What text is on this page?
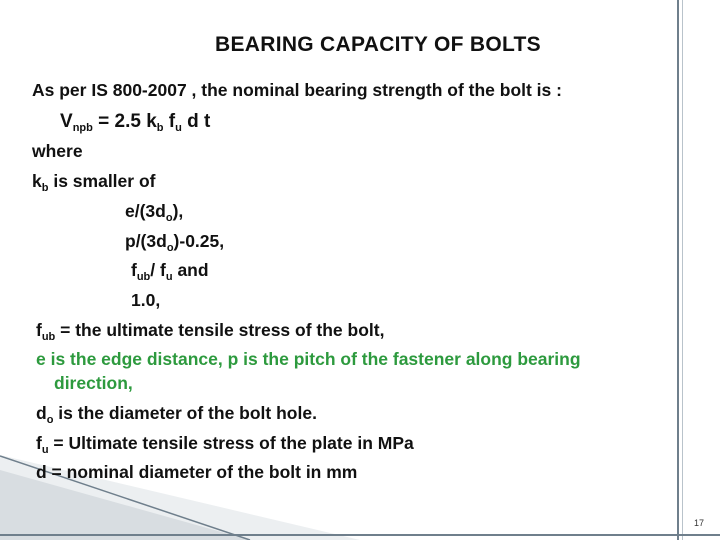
BEARING CAPACITY OF BOLTS
As per IS 800-2007 , the nominal bearing strength of the bolt is :
$V_{npb} = 2.5$ $k_b$ $f_u$ d t
where
$k_b$ is smaller of
$e/(3d_o)$,
$p/(3d_o)-0.25$,
$f_{ub}/$ $f_u$ and
1.0,
$f_{ub}$ = the ultimate tensile stress of the bolt,
e is the edge distance, p is the pitch of the fastener along bearing
direction,
$d_o$ is the diameter of the bolt hole.
$f_u$ = Ultimate tensile stress of the plate in MPa
d = nominal diameter of the bolt in mm
17
